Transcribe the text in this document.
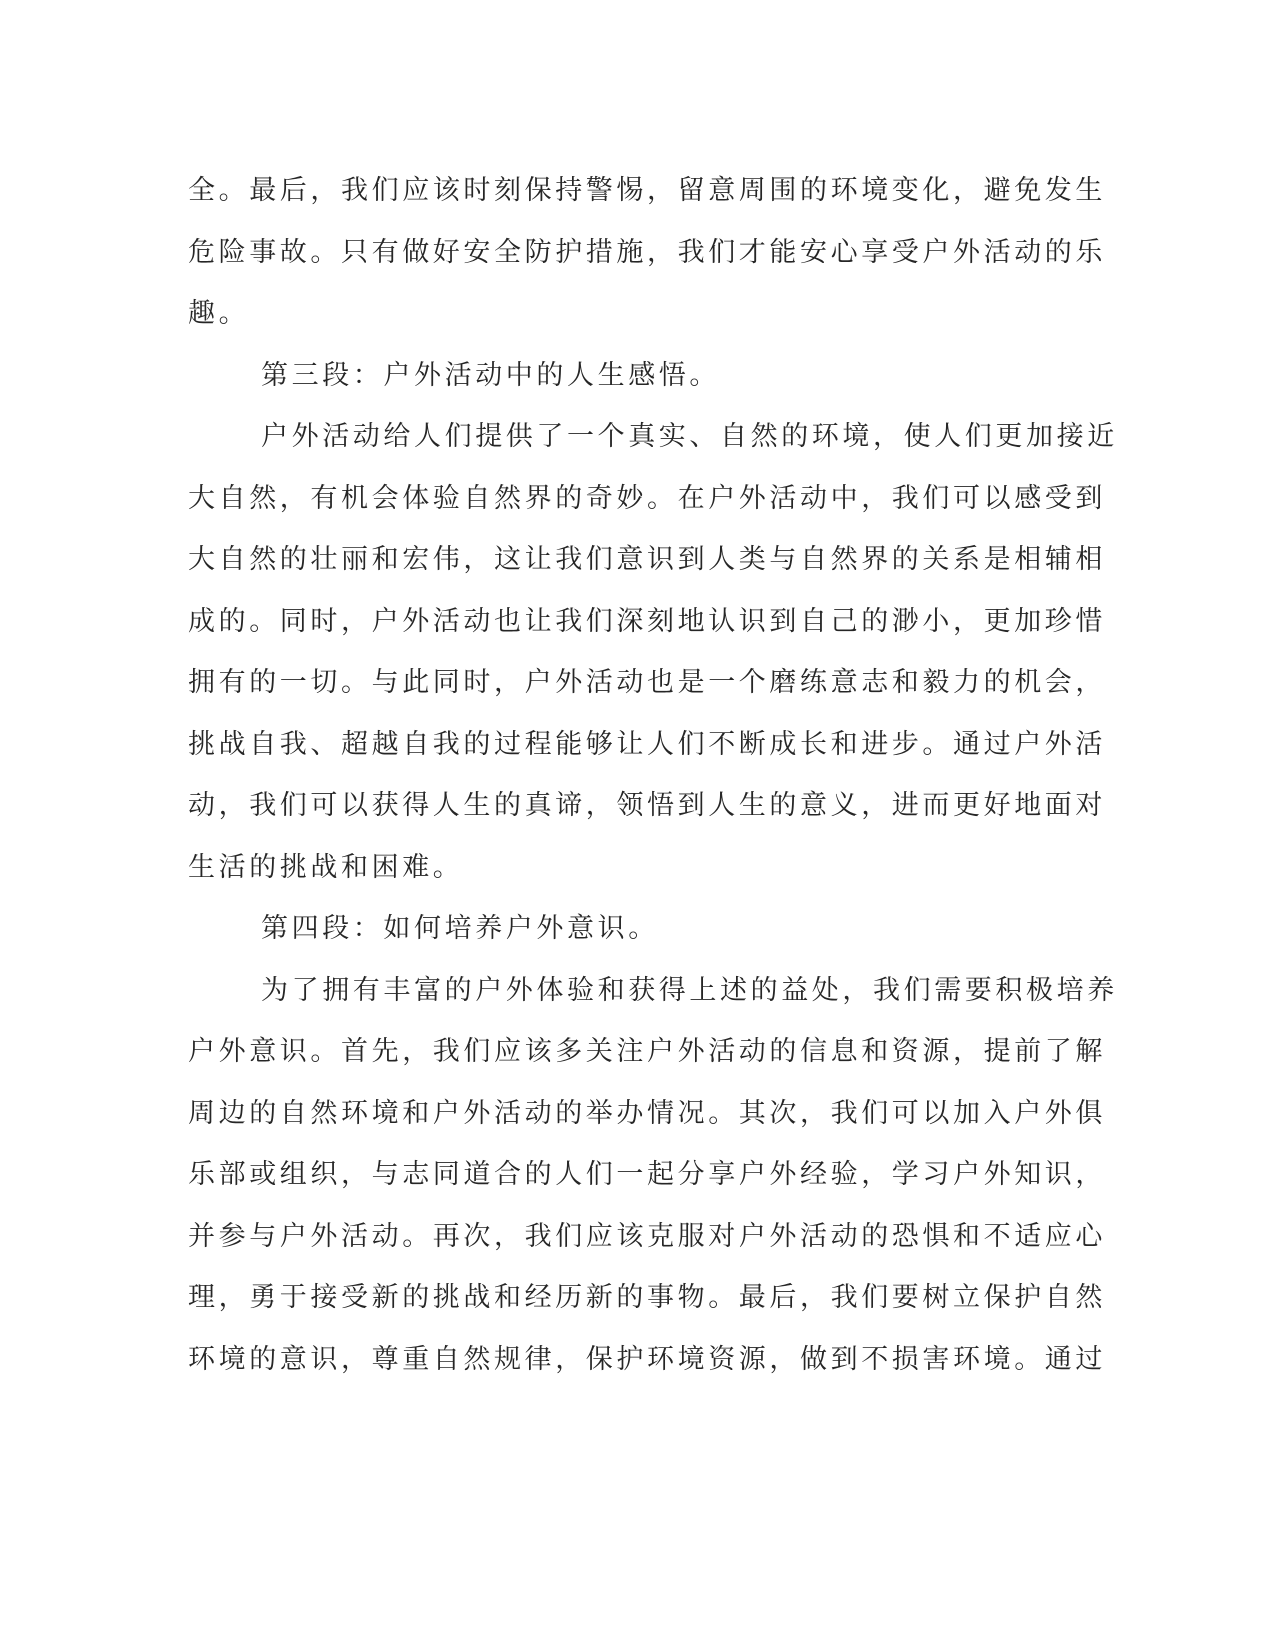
全。最后，我们应该时刻保持警惕，留意周围的环境变化，避免发生
危险事故。只有做好安全防护措施，我们才能安心享受户外活动的乐
趣。
第三段：户外活动中的人生感悟。
户外活动给人们提供了一个真实、自然的环境，使人们更加接近
大自然，有机会体验自然界的奇妙。在户外活动中，我们可以感受到
大自然的壮丽和宏伟，这让我们意识到人类与自然界的关系是相辅相
成的。同时，户外活动也让我们深刻地认识到自己的渺小，更加珍惜
拥有的一切。与此同时，户外活动也是一个磨练意志和毅力的机会，
挑战自我、超越自我的过程能够让人们不断成长和进步。通过户外活
动，我们可以获得人生的真谛，领悟到人生的意义，进而更好地面对
生活的挑战和困难。
第四段：如何培养户外意识。
为了拥有丰富的户外体验和获得上述的益处，我们需要积极培养
户外意识。首先，我们应该多关注户外活动的信息和资源，提前了解
周边的自然环境和户外活动的举办情况。其次，我们可以加入户外俱
乐部或组织，与志同道合的人们一起分享户外经验，学习户外知识，
并参与户外活动。再次，我们应该克服对户外活动的恐惧和不适应心
理，勇于接受新的挑战和经历新的事物。最后，我们要树立保护自然
环境的意识，尊重自然规律，保护环境资源，做到不损害环境。通过
